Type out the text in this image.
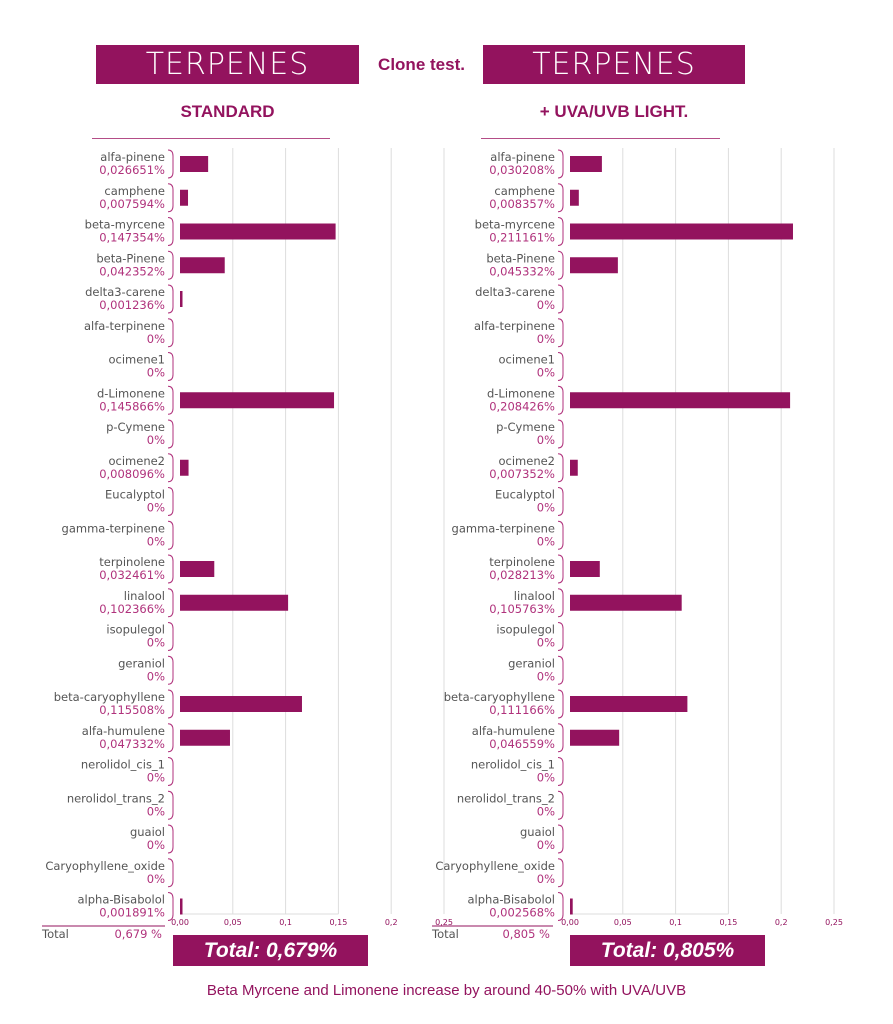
TERPENES	Clone test.	TERPENES
STANDARD	+ UVA/UVB LIGHT.
0,00	0,05	0,1	0,15	0,2	0,25
alfa-pinene
0,026651%
camphene
0,007594%
beta-myrcene
0,147354%
beta-Pinene
0,042352%
delta3-carene
0,001236%
alfa-terpinene
0%
ocimene1
0%
d-Limonene
0,145866%
p-Cymene
0%
ocimene2
0,008096%
Eucalyptol
0%
gamma-terpinene
0%
terpinolene
0,032461%
linalool
0,102366%
isopulegol
0%
geraniol
0%
beta-caryophyllene
0,115508%
alfa-humulene
0,047332%
nerolidol_cis_1
0%
nerolidol_trans_2
0%
guaiol
0%
Caryophyllene_oxide
0%
alpha-Bisabolol
0,001891%
Total	0,679 %
0,00	0,05	0,1	0,15	0,2	0,25
alfa-pinene
0,030208%
camphene
0,008357%
beta-myrcene
0,211161%
beta-Pinene
0,045332%
delta3-carene
0%
alfa-terpinene
0%
ocimene1
0%
d-Limonene
0,208426%
p-Cymene
0%
ocimene2
0,007352%
Eucalyptol
0%
gamma-terpinene
0%
terpinolene
0,028213%
linalool
0,105763%
isopulegol
0%
geraniol
0%
beta-caryophyllene
0,111166%
alfa-humulene
0,046559%
nerolidol_cis_1
0%
nerolidol_trans_2
0%
guaiol
0%
Caryophyllene_oxide
0%
alpha-Bisabolol
0,002568%
Total	0,805 %
Total: 0,679%	Total: 0,805%
Beta Myrcene and Limonene increase by around 40-50% with UVA/UVB
